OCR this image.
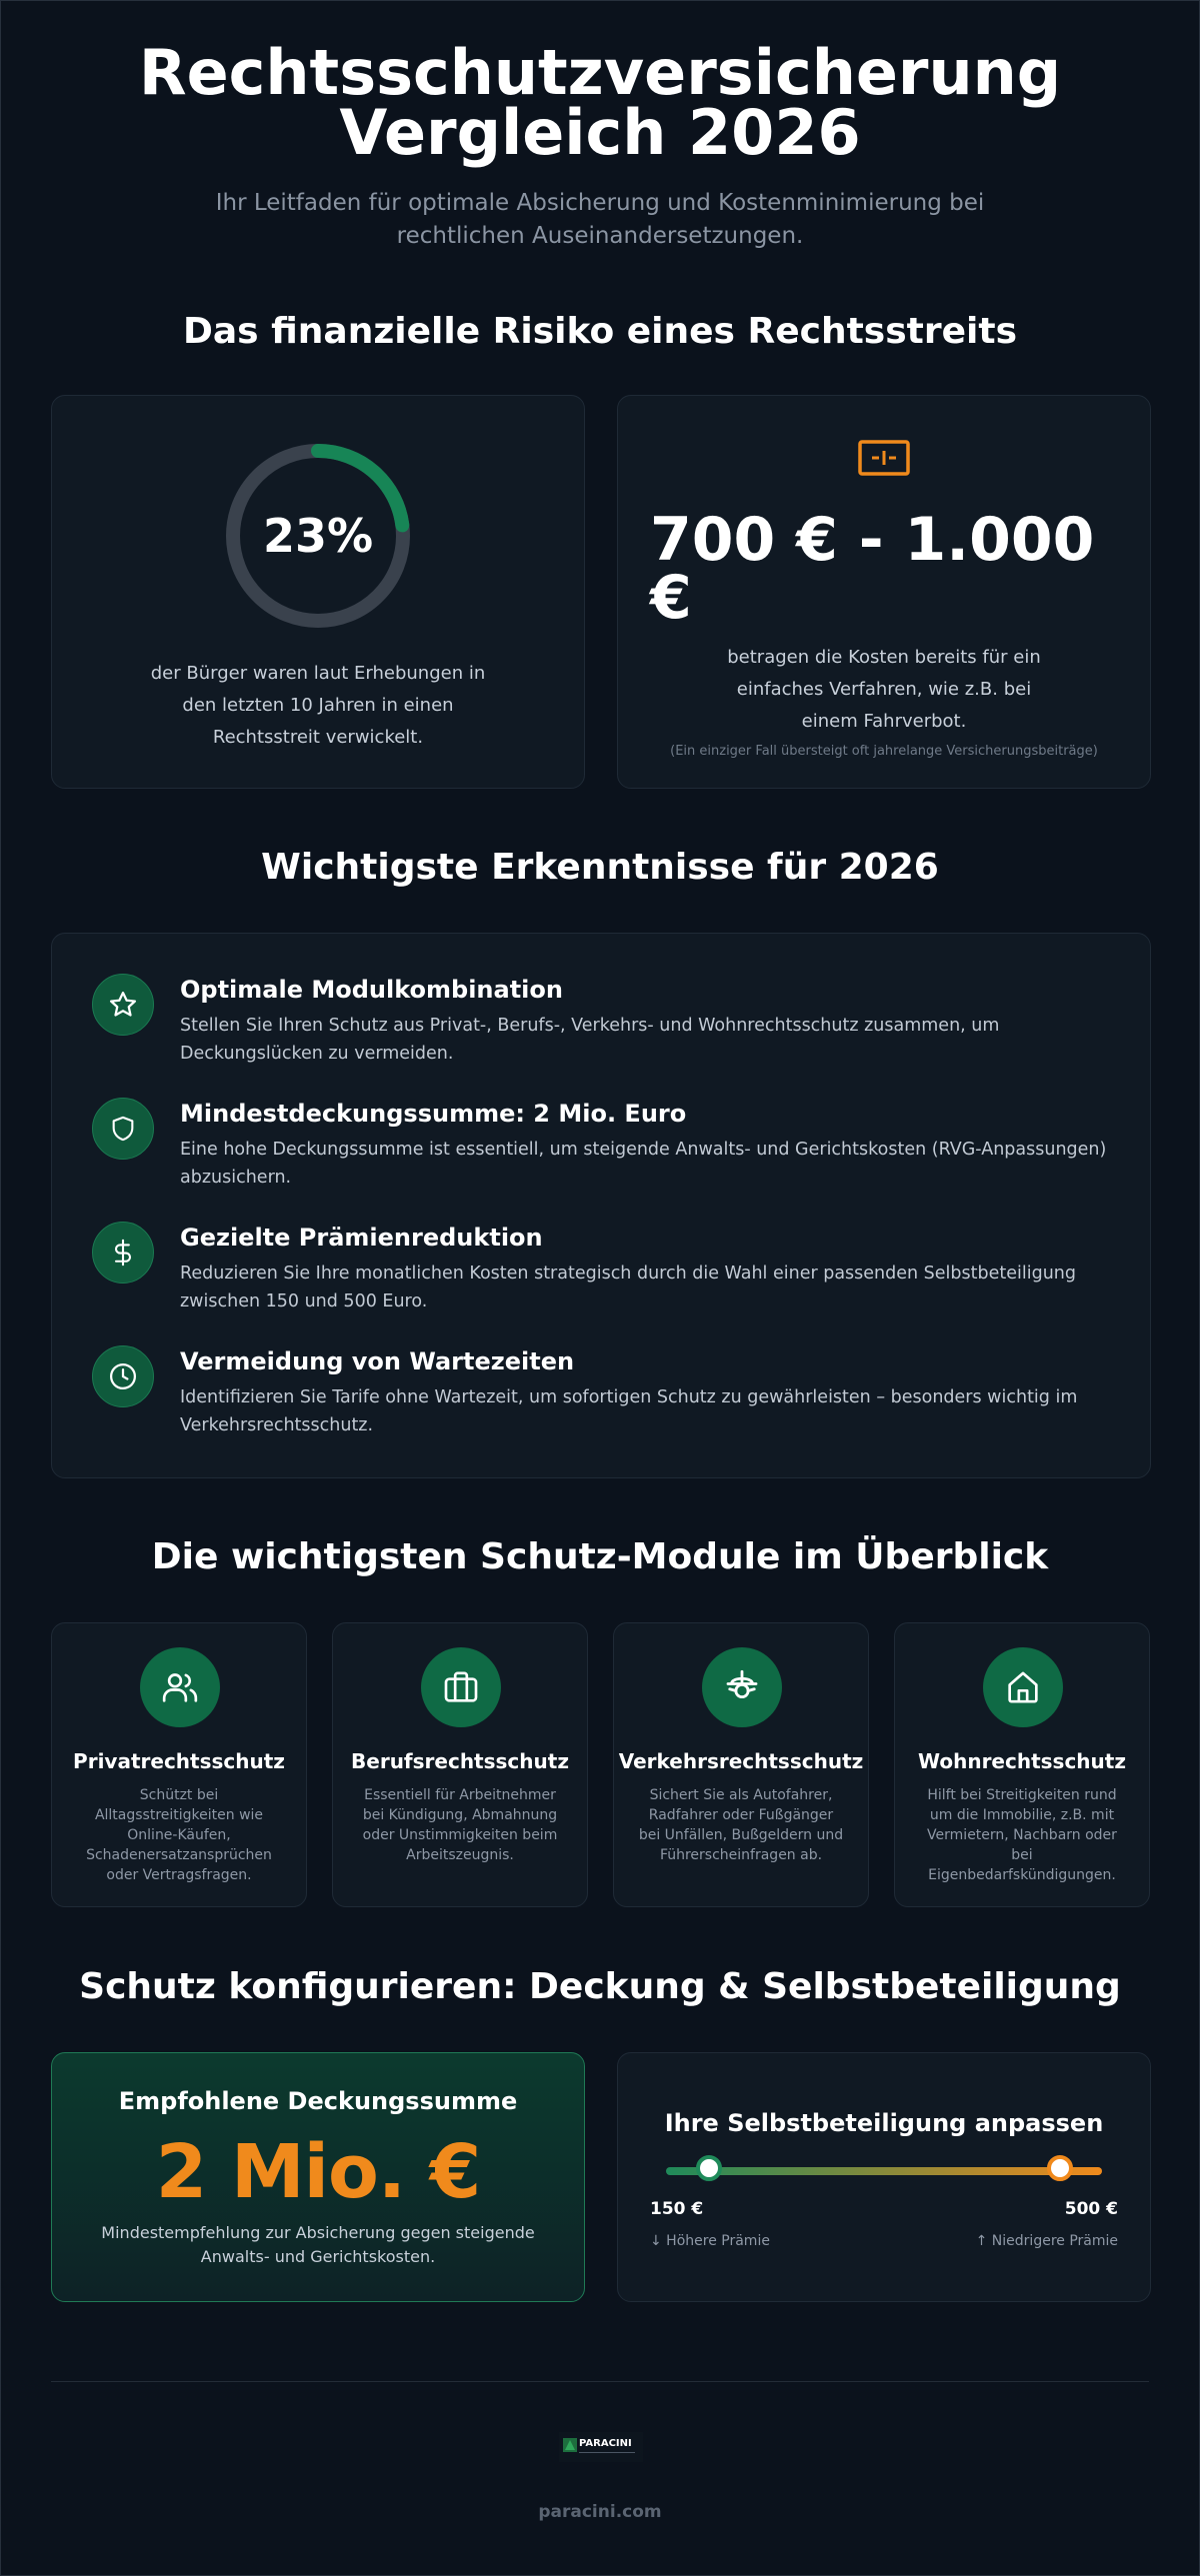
Rechtsschutzversicherung
Vergleich 2026
Ihr Leitfaden für optimale Absicherung und Kostenminimierung bei rechtlichen Auseinandersetzungen.
Das finanzielle Risiko eines Rechtsstreits
23%
der Bürger waren laut Erhebungen in den letzten 10 Jahren in einen Rechtsstreit verwickelt.
700 € - 1.000 €
betragen die Kosten bereits für ein einfaches Verfahren, wie z.B. bei einem Fahrverbot.
(Ein einziger Fall übersteigt oft jahrelange Versicherungsbeiträge)
Wichtigste Erkenntnisse für 2026
Optimale Modulkombination
Stellen Sie Ihren Schutz aus Privat-, Berufs-, Verkehrs- und Wohnrechtsschutz zusammen, um Deckungslücken zu vermeiden.
Mindestdeckungssumme: 2 Mio. Euro
Eine hohe Deckungssumme ist essentiell, um steigende Anwalts- und Gerichtskosten (RVG-Anpassungen) abzusichern.
Gezielte Prämienreduktion
Reduzieren Sie Ihre monatlichen Kosten strategisch durch die Wahl einer passenden Selbstbeteiligung zwischen 150 und 500 Euro.
Vermeidung von Wartezeiten
Identifizieren Sie Tarife ohne Wartezeit, um sofortigen Schutz zu gewährleisten – besonders wichtig im Verkehrsrechtsschutz.
Die wichtigsten Schutz-Module im Überblick
Privatrechtsschutz
Schützt bei Alltagsstreitigkeiten wie Online-Käufen, Schadenersatzansprüchen oder Vertragsfragen.
Berufsrechtsschutz
Essentiell für Arbeitnehmer bei Kündigung, Abmahnung oder Unstimmigkeiten beim Arbeitszeugnis.
Verkehrsrechtsschutz
Sichert Sie als Autofahrer, Radfahrer oder Fußgänger bei Unfällen, Bußgeldern und Führerscheinfragen ab.
Wohnrechtsschutz
Hilft bei Streitigkeiten rund um die Immobilie, z.B. mit Vermietern, Nachbarn oder bei Eigenbedarfskündigungen.
Schutz konfigurieren: Deckung & Selbstbeteiligung
Empfohlene Deckungssumme
2 Mio. €
Mindestempfehlung zur Absicherung gegen steigende Anwalts- und Gerichtskosten.
Ihre Selbstbeteiligung anpassen
150 €	500 €
↓ Höhere Prämie	↑ Niedrigere Prämie
PARACINI
paracini.com
